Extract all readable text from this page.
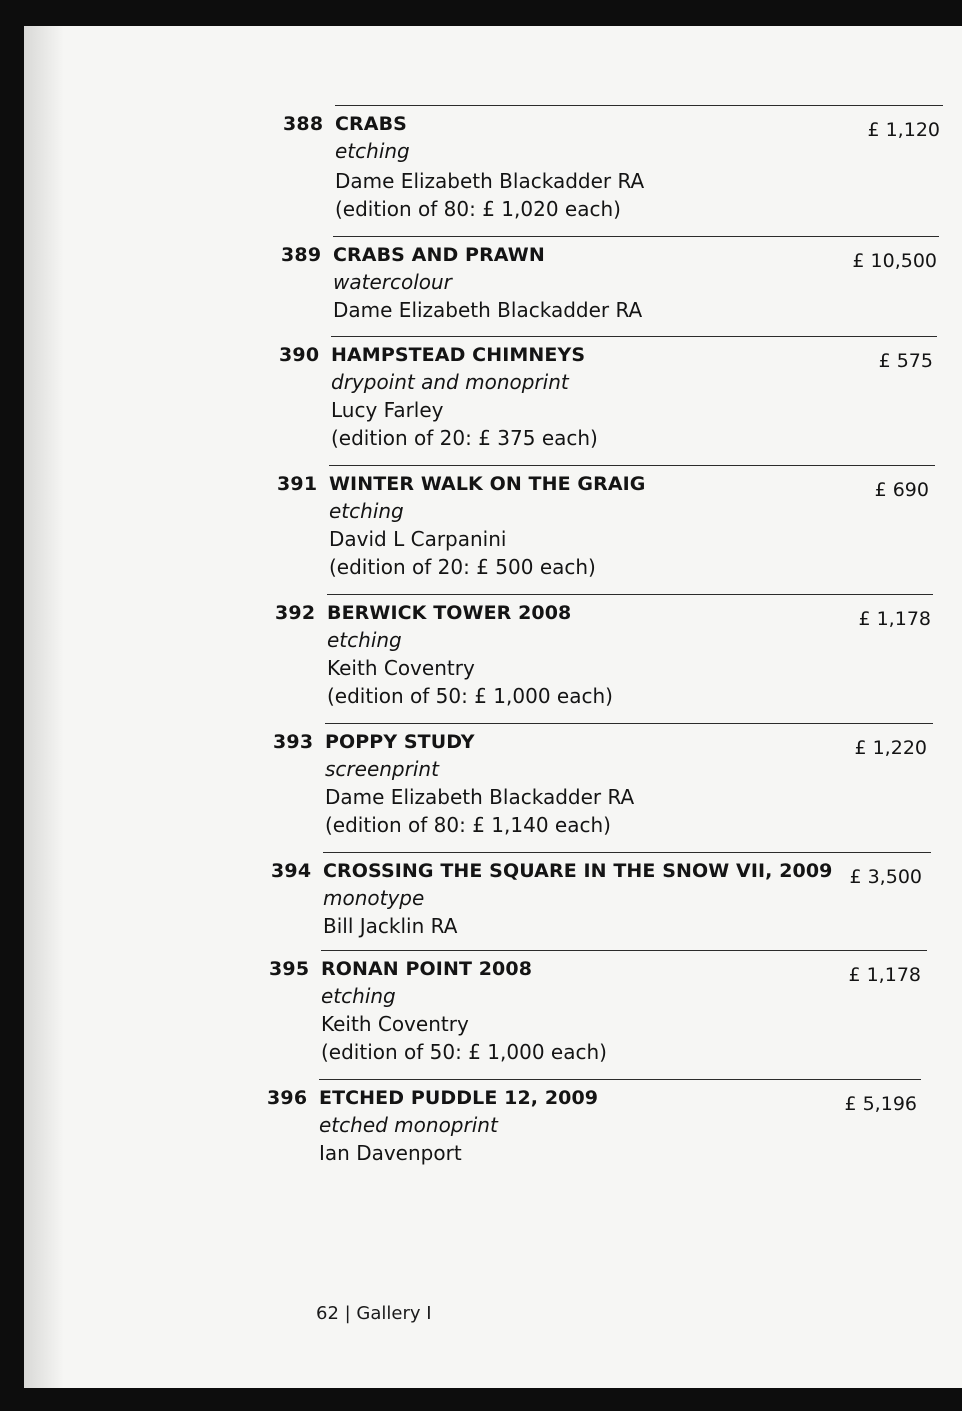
388 CRABS
etching
Dame Elizabeth Blackadder RA
(edition of 80: £ 1,020 each)
£ 1,120
389 CRABS AND PRAWN
watercolour
Dame Elizabeth Blackadder RA
£ 10,500
390 HAMPSTEAD CHIMNEYS
drypoint and monoprint
Lucy Farley
(edition of 20: £ 375 each)
£ 575
391 WINTER WALK ON THE GRAIG
etching
David L Carpanini
(edition of 20: £ 500 each)
£ 690
392 BERWICK TOWER 2008
etching
Keith Coventry
(edition of 50: £ 1,000 each)
£ 1,178
393 POPPY STUDY
screenprint
Dame Elizabeth Blackadder RA
(edition of 80: £ 1,140 each)
£ 1,220
394 CROSSING THE SQUARE IN THE SNOW VII, 2009
monotype
Bill Jacklin RA
£ 3,500
395 RONAN POINT 2008
etching
Keith Coventry
(edition of 50: £ 1,000 each)
£ 1,178
396 ETCHED PUDDLE 12, 2009
etched monoprint
Ian Davenport
£ 5,196
62 | Gallery I
